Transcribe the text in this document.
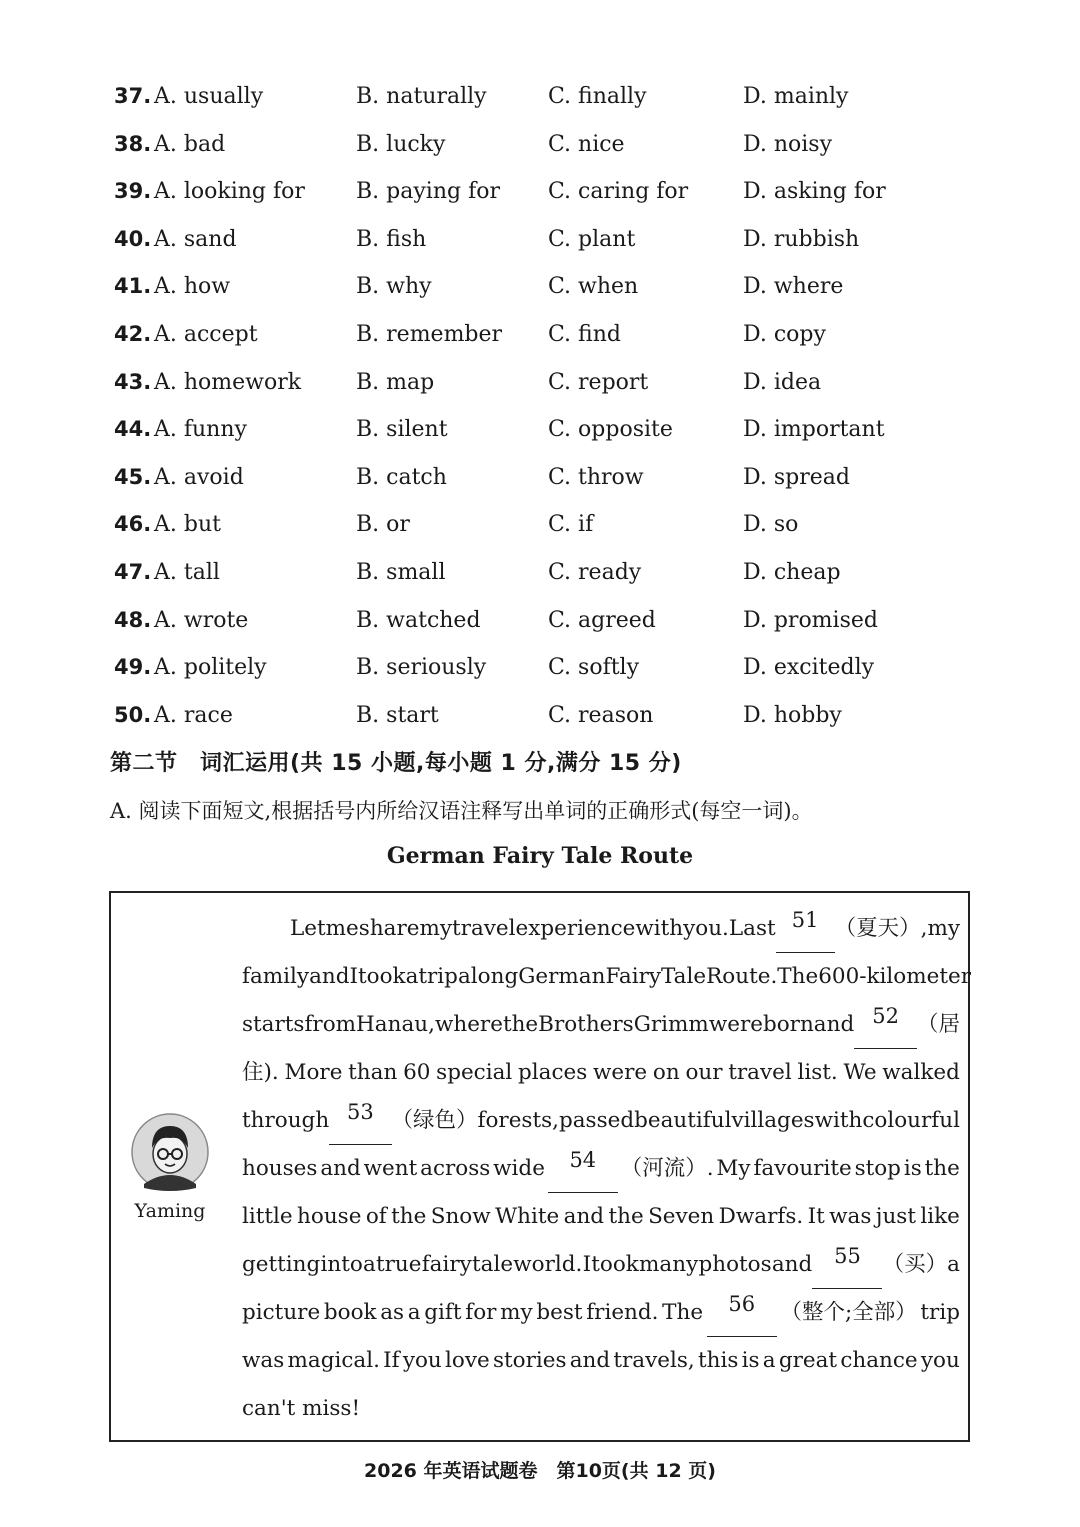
37. A. usually	B. naturally	C. finally	D. mainly
38. A. bad	B. lucky	C. nice	D. noisy
39. A. looking for B. paying for C. caring for D. asking for
40. A. sand	B. fish	C. plant	D. rubbish
41. A. how	B. why	C. when	D. where
42. A. accept	B. remember C. find	D. copy
43. A. homework B. map	C. report	D. idea
44. A. funny	B. silent	C. opposite	D. important
45. A. avoid	B. catch	C. throw	D. spread
46. A. but	B. or	C. if	D. so
47. A. tall	B. small	C. ready	D. cheap
48. A. wrote	B. watched	C. agreed	D. promised
49. A. politely	B. seriously	C. softly	D. excitedly
50. A. race	B. start	C. reason	D. hobby
第二节　词汇运用(共 15 小题,每小题 1 分,满分 15 分)
A. 阅读下面短文,根据括号内所给汉语注释写出单词的正确形式(每空一词)。
German Fairy Tale Route
Yaming
Let me share my travel experience with you. Last 51 （夏天）, my
family and I took a trip along German Fairy Tale Route. The 600-kilometer
starts from Hanau, where the Brothers Grimm were born and 52 （居
住). More than 60 special places were on our travel list. We walked
through 53 （绿色） forests, passed beautiful villages with colourful
houses and went across wide	54	（河流）. My favourite stop is the
little house of the Snow White and the Seven Dwarfs. It was just like
getting into a true fairy tale world. I took many photos and	55	（买）a
picture book as a gift for my best friend. The	56	（整个;全部） trip
was magical. If you love stories and travels, this is a great chance you
can't
miss!
2026 年英语试题卷　第10页(共 12 页)
